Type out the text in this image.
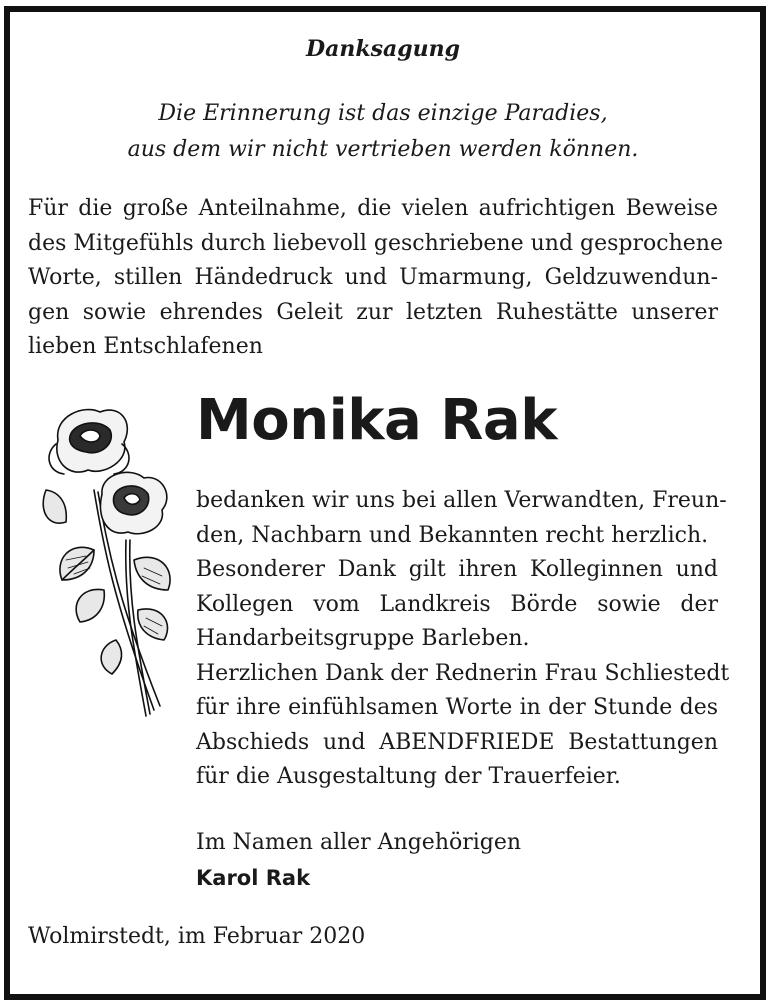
Danksagung
Die Erinnerung ist das einzige Paradies,
aus dem wir nicht vertrieben werden können.
Für die große Anteilnahme, die vielen aufrichtigen Beweise
des Mitgefühls durch liebevoll geschriebene und gesprochene
Worte, stillen Händedruck und Umarmung, Geldzuwendun-
gen sowie ehrendes Geleit zur letzten Ruhestätte unserer
lieben Entschlafenen
Monika Rak
bedanken wir uns bei allen Verwandten, Freun-
den, Nachbarn und Bekannten recht herzlich.
Besonderer Dank gilt ihren Kolleginnen und
Kollegen vom Landkreis Börde sowie der
Handarbeitsgruppe Barleben.
Herzlichen Dank der Rednerin Frau Schliestedt
für ihre einfühlsamen Worte in der Stunde des
Abschieds und ABENDFRIEDE Bestattungen
für die Ausgestaltung der Trauerfeier.
Im Namen aller Angehörigen
Karol Rak
Wolmirstedt, im Februar 2020
